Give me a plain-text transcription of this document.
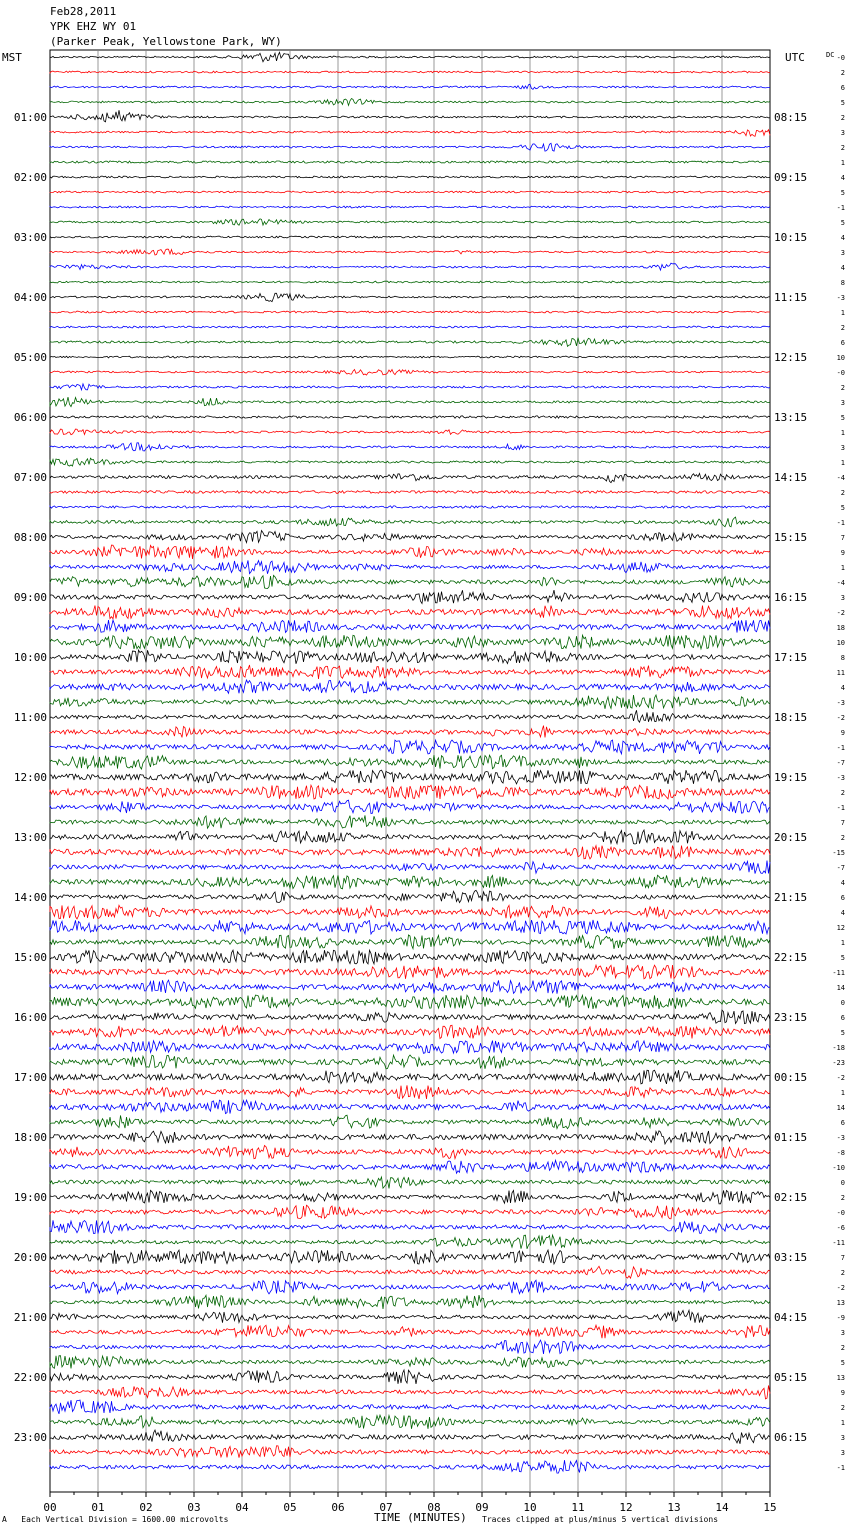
Feb28,2011
YPK EHZ WY 01
(Parker Peak, Yellowstone Park, WY)
MST	UTC
00	01	02	03	04	05	06	07	08	09	10	11	12	13	14	15
01:00
02:00
03:00
04:00
05:00
06:00
07:00
08:00
09:00
10:00
11:00
12:00
13:00
14:00
15:00
16:00
17:00
18:00
19:00
20:00
21:00
22:00
23:00
08:15
09:15
10:15
11:15
12:15
13:15
14:15
15:15
16:15
17:15
18:15
19:15
20:15
21:15
22:15
23:15
00:15
01:15
02:15
03:15
04:15
05:15
06:15
DC -0
2
6
5
2
3
2
1
4
5
-1
5
4
3
4
8
-3
1
2
6
10
-0
2
3
5
1
3
1
-4
2
5
-1
7
9
1
-4
3
-2
18
10
8
11
4
-3
-2
9
-1
-7
-3
2
-1
7
2
-15
-7
4
6
4
12
1
5
-11
14
0
6
5
-18
-23
-2
1
14
6
-3
-8
-10
0
2
-0
-6
-11
7
2
-2
13
-9
3
2
5
13
9
2
1
3
3
-1
A Each Vertical Division = 1600.00 microvolts	TIME (MINUTES) Traces clipped at plus/minus 5 vertical divisions
